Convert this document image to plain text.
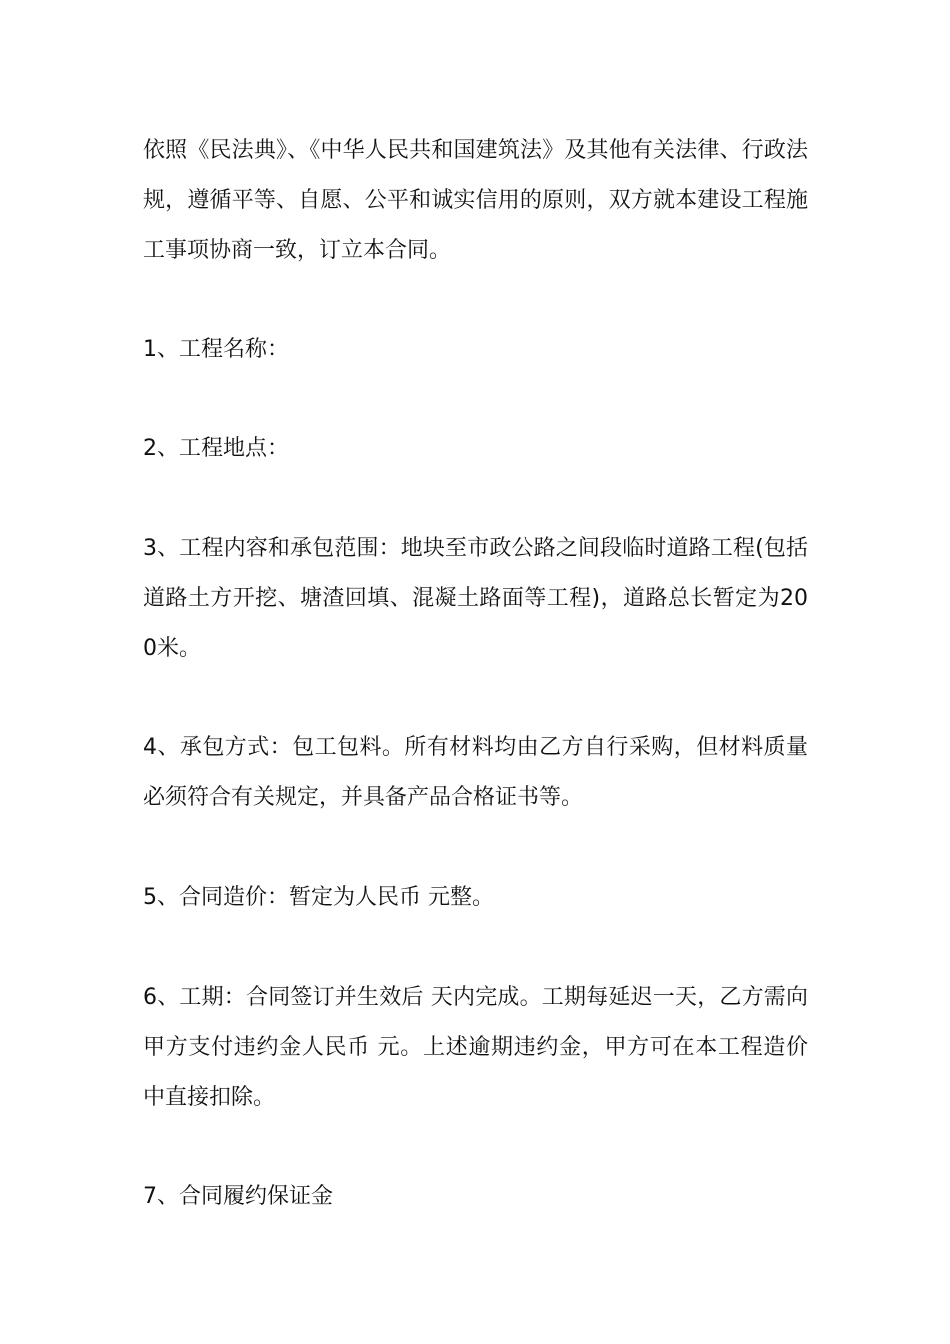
依照《民法典》、《中华人民共和国建筑法》及其他有关法律、行政法规，遵循平等、自愿、公平和诚实信用的原则，双方就本建设工程施工事项协商一致，订立本合同。

1、工程名称：

2、工程地点：

3、工程内容和承包范围：地块至市政公路之间段临时道路工程(包括道路土方开挖、塘渣回填、混凝土路面等工程)，道路总长暂定为200米。

4、承包方式：包工包料。所有材料均由乙方自行采购，但材料质量必须符合有关规定，并具备产品合格证书等。

5、合同造价：暂定为人民币 元整。

6、工期：合同签订并生效后 天内完成。工期每延迟一天，乙方需向甲方支付违约金人民币 元。上述逾期违约金，甲方可在本工程造价中直接扣除。

7、合同履约保证金
